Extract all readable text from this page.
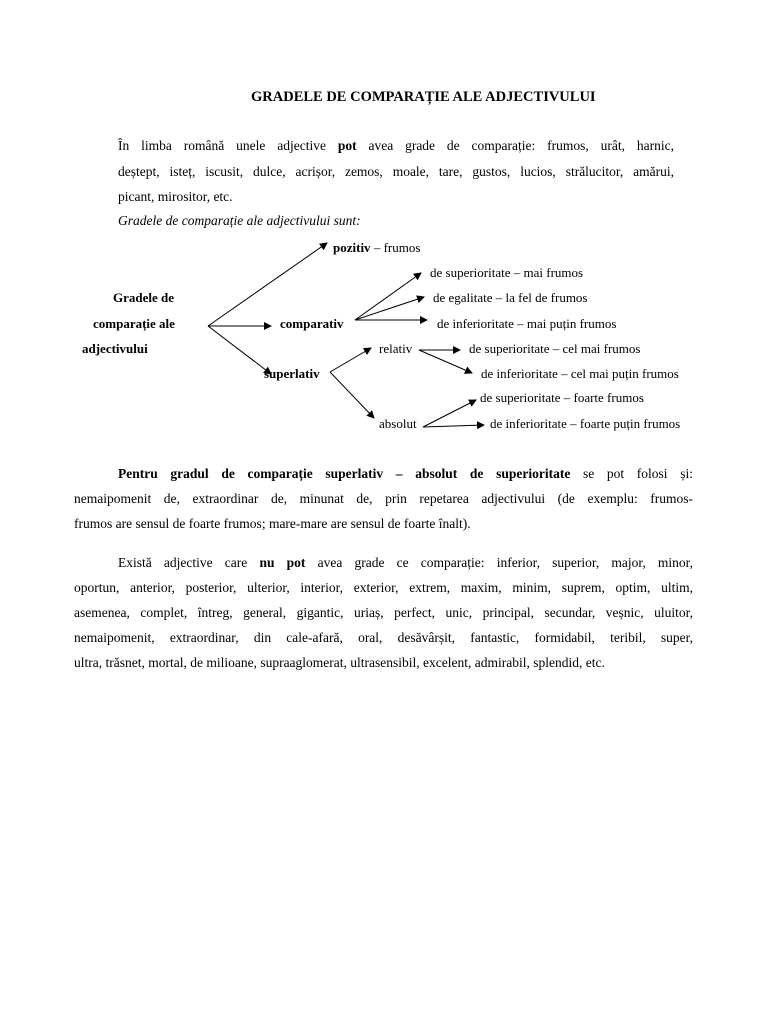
GRADELE DE COMPARAȚIE ALE ADJECTIVULUI
În limba română unele adjective pot avea grade de comparație: frumos, urât, harnic,
deștept, isteț, iscusit, dulce, acrișor, zemos, moale, tare, gustos, lucios, strălucitor, amărui,
picant, mirositor, etc.
Gradele de comparație ale adjectivului sunt:
Gradele de
comparație ale
adjectivului
pozitiv – frumos
comparativ
de superioritate – mai frumos
de egalitate – la fel de frumos
de inferioritate – mai puțin frumos
superlativ
relativ	de superioritate – cel mai frumos
de inferioritate – cel mai puțin frumos
absolut
de superioritate – foarte frumos
de inferioritate – foarte puțin frumos
Pentru gradul de comparație superlativ – absolut de superioritate se pot folosi și:
nemaipomenit de, extraordinar de, minunat de, prin repetarea adjectivului (de exemplu: frumos-
frumos are sensul de foarte frumos; mare-mare are sensul de foarte înalt).
Există adjective care nu pot avea grade ce comparație: inferior, superior, major, minor,
oportun, anterior, posterior, ulterior, interior, exterior, extrem, maxim, minim, suprem, optim, ultim,
asemenea, complet, întreg, general, gigantic, uriaș, perfect, unic, principal, secundar, veșnic, uluitor,
nemaipomenit, extraordinar, din cale-afară, oral, desăvârșit, fantastic, formidabil, teribil, super,
ultra, trăsnet, mortal, de milioane, supraaglomerat, ultrasensibil, excelent, admirabil, splendid, etc.
